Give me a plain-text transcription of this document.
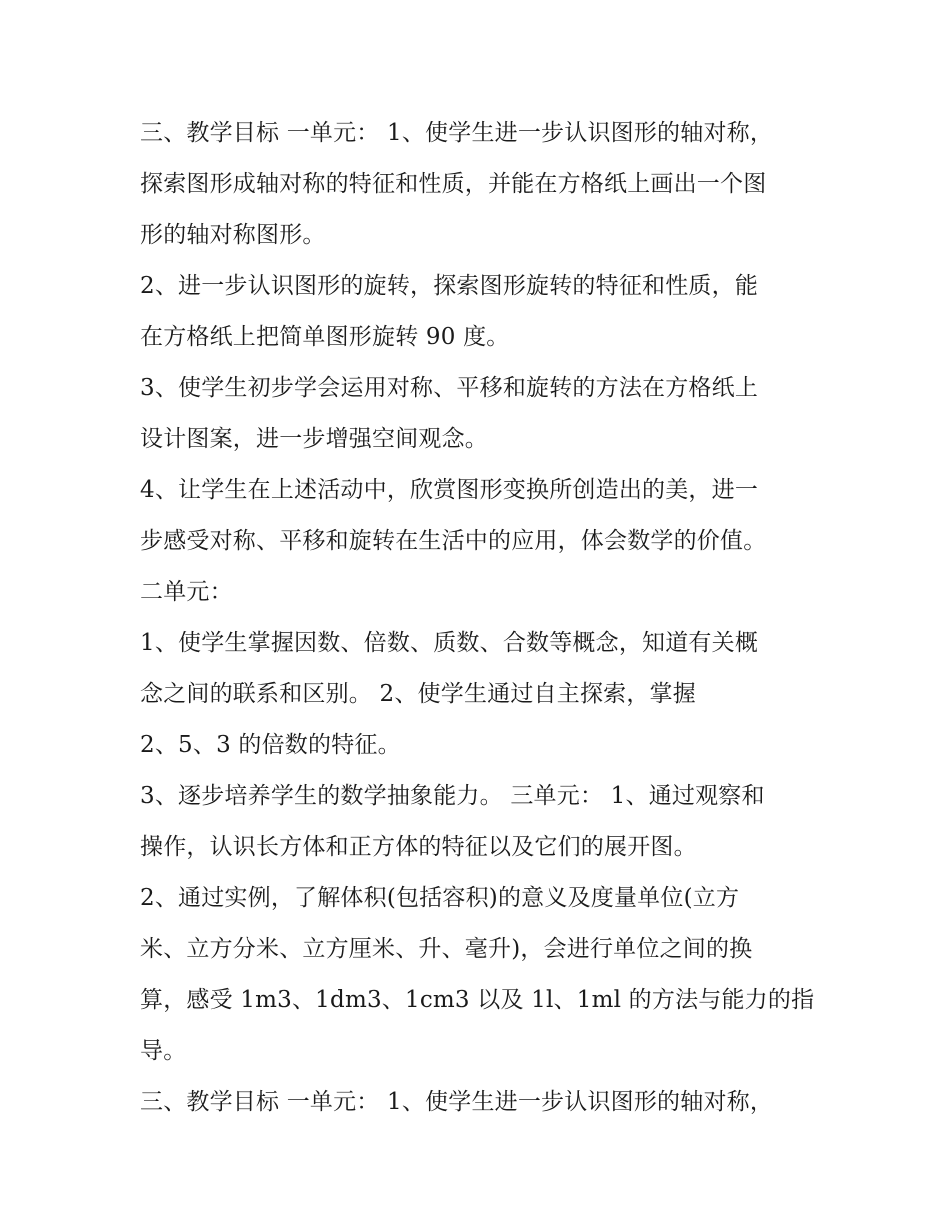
三、教学目标 一单元： 1、使学生进一步认识图形的轴对称，
探索图形成轴对称的特征和性质，并能在方格纸上画出一个图
形的轴对称图形。
2、进一步认识图形的旋转，探索图形旋转的特征和性质，能
在方格纸上把简单图形旋转 90 度。
3、使学生初步学会运用对称、平移和旋转的方法在方格纸上
设计图案，进一步增强空间观念。
4、让学生在上述活动中，欣赏图形变换所创造出的美，进一
步感受对称、平移和旋转在生活中的应用，体会数学的价值。
二单元：
1、使学生掌握因数、倍数、质数、合数等概念，知道有关概
念之间的联系和区别。 2、使学生通过自主探索，掌握
2、5、3 的倍数的特征。
3、逐步培养学生的数学抽象能力。 三单元： 1、通过观察和
操作，认识长方体和正方体的特征以及它们的展开图。
2、通过实例，了解体积(包括容积)的意义及度量单位(立方
米、立方分米、立方厘米、升、毫升)，会进行单位之间的换
算，感受 1m3、1dm3、1cm3 以及 1l、1ml 的方法与能力的指
导。
三、教学目标 一单元： 1、使学生进一步认识图形的轴对称，
